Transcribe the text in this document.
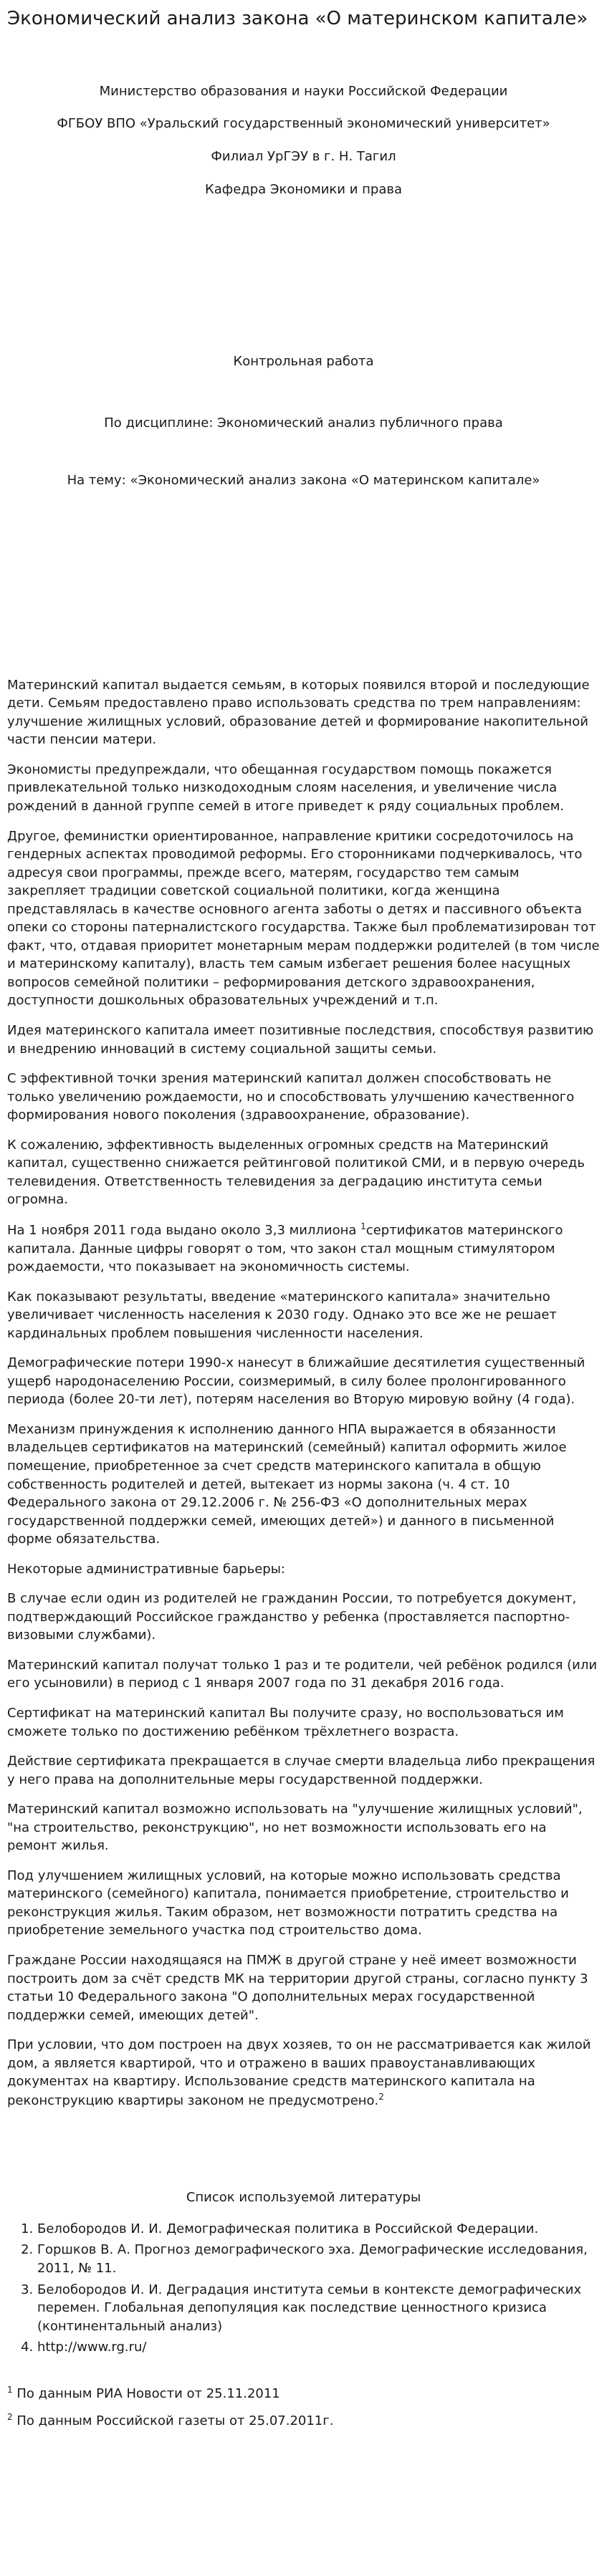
Экономический анализ закона «О материнском капитале»

Министерство образования и науки Российской Федерации

ФГБОУ ВПО «Уральский государственный экономический университет»

Филиал УрГЭУ в г. Н. Тагил

Кафедра Экономики и права

Контрольная работа

По дисциплине: Экономический анализ публичного права

На тему: «Экономический анализ закона «О материнском капитале»

Материнский капитал выдается семьям, в которых появился второй и последующие дети. Семьям предоставлено право использовать средства по трем направлениям: улучшение жилищных условий, образование детей и формирование накопительной части пенсии матери.

Экономисты предупреждали, что обещанная государством помощь покажется привлекательной только низкодоходным слоям населения, и увеличение числа рождений в данной группе семей в итоге приведет к ряду социальных проблем.

Другое, феминистки ориентированное, направление критики сосредоточилось на гендерных аспектах проводимой реформы. Его сторонниками подчеркивалось, что адресуя свои программы, прежде всего, матерям, государство тем самым закрепляет традиции советской социальной политики, когда женщина представлялась в качестве основного агента заботы о детях и пассивного объекта опеки со стороны патерналистского государства. Также был проблематизирован тот факт, что, отдавая приоритет монетарным мерам поддержки родителей (в том числе и материнскому капиталу), власть тем самым избегает решения более насущных вопросов семейной политики – реформирования детского здравоохранения, доступности дошкольных образовательных учреждений и т.п.

Идея материнского капитала имеет позитивные последствия, способствуя развитию и внедрению инноваций в систему социальной защиты семьи.

С эффективной точки зрения материнский капитал должен способствовать не только увеличению рождаемости, но и способствовать улучшению качественного формирования нового поколения (здравоохранение, образование).

К сожалению, эффективность выделенных огромных средств на Материнский капитал, существенно снижается рейтинговой политикой СМИ, и в первую очередь телевидения. Ответственность телевидения за деградацию института семьи огромна.

На 1 ноября 2011 года выдано около 3,3 миллиона $^1$сертификатов материнского капитала. Данные цифры говорят о том, что закон стал мощным стимулятором рождаемости, что показывает на экономичность системы.

Как показывают результаты, введение «материнского капитала» значительно увеличивает численность населения к 2030 году. Однако это все же не решает кардинальных проблем повышения численности населения.

Демографические потери 1990-х нанесут в ближайшие десятилетия существенный ущерб народонаселению России, соизмеримый, в силу более пролонгированного периода (более 20-ти лет), потерям населения во Вторую мировую войну (4 года).

Механизм принуждения к исполнению данного НПА выражается в обязанности владельцев сертификатов на материнский (семейный) капитал оформить жилое помещение, приобретенное за счет средств материнского капитала в общую собственность родителей и детей, вытекает из нормы закона (ч. 4 ст. 10 Федерального закона от 29.12.2006 г. № 256-ФЗ «О дополнительных мерах государственной поддержки семей, имеющих детей») и данного в письменной форме обязательства.

Некоторые административные барьеры:

В случае если один из родителей не гражданин России, то потребуется документ, подтверждающий Российское гражданство у ребенка (проставляется паспортно-визовыми службами).

Материнский капитал получат только 1 раз и те родители, чей ребёнок родился (или его усыновили) в период с 1 января 2007 года по 31 декабря 2016 года.

Сертификат на материнский капитал Вы получите сразу, но воспользоваться им сможете только по достижению ребёнком трёхлетнего возраста.

Действие сертификата прекращается в случае смерти владельца либо прекращения у него права на дополнительные меры государственной поддержки.

Материнский капитал возможно использовать на "улучшение жилищных условий", "на строительство, реконструкцию", но нет возможности использовать его на ремонт жилья.

Под улучшением жилищных условий, на которые можно использовать средства материнского (семейного) капитала, понимается приобретение, строительство и реконструкция жилья. Таким образом, нет возможности потратить средства на приобретение земельного участка под строительство дома.

Граждане России находящаяся на ПМЖ в другой стране у неё имеет возможности построить дом за счёт средств МК на территории другой страны, согласно пункту 3 статьи 10 Федерального закона "О дополнительных мерах государственной поддержки семей, имеющих детей".

При условии, что дом построен на двух хозяев, то он не рассматривается как жилой дом, а является квартирой, что и отражено в ваших правоустанавливающих документах на квартиру. Использование средств материнского капитала на реконструкцию квартиры законом не предусмотрено.$^2$

Список используемой литературы

1. Белобородов И. И. Демографическая политика в Российской Федерации.
2. Горшков В. А. Прогноз демографического эха. Демографические исследования, 2011, № 11.
3. Белобородов И. И. Деградация института семьи в контексте демографических перемен. Глобальная депопуляция как последствие ценностного кризиса (континентальный анализ)
4. http://www.rg.ru/

$^1$ По данным РИА Новости от 25.11.2011

$^2$ По данным Российской газеты от 25.07.2011г.
